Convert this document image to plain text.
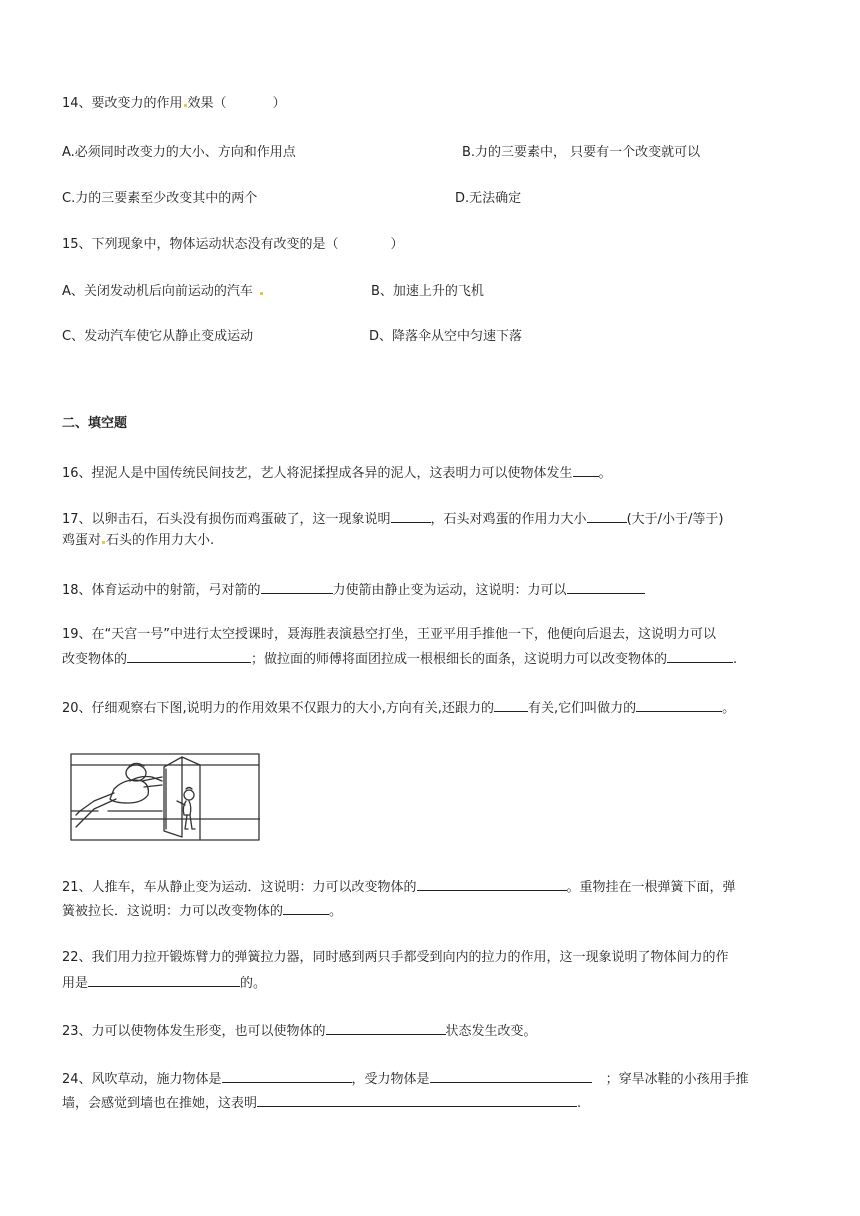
14、要改变力的作用 效果（	）
A.必须同时改变力的大小、方向和作用点	B.力的三要素中， 只要有一个改变就可以
C.力的三要素至少改变其中的两个	D.无法确定
15、下列现象中，物体运动状态没有改变的是（	）
A、关闭发动机后向前运动的汽车	B、加速上升的飞机
C、发动汽车使它从静止变成运动	D、降落伞从空中匀速下落
二、填空题
16、捏泥人是中国传统民间技艺，艺人将泥揉捏成各异的泥人，这表明力可以使物体发生 。
17、以卵击石，石头没有损伤而鸡蛋破了，这一现象说明	，石头对鸡蛋的作用力大小	(大于/小于/等于)
鸡蛋对 石头的作用力大小.
18、体育运动中的射箭，弓对箭的	力使箭由静止变为运动，这说明：力可以
19、在“天宫一号”中进行太空授课时，聂海胜表演悬空打坐，王亚平用手推他一下，他便向后退去，这说明力可以
改变物体的	；做拉面的师傅将面团拉成一根根细长的面条，这说明力可以改变物体的	.
20、仔细观察右下图,说明力的作用效果不仅跟力的大小,方向有关,还跟力的	有关,它们叫做力的	。
21、人推车，车从静止变为运动．这说明：力可以改变物体的	。重物挂在一根弹簧下面，弹
簧被拉长．这说明：力可以改变物体的	。
22、我们用力拉开锻炼臂力的弹簧拉力器，同时感到两只手都受到向内的拉力的作用，这一现象说明了物体间力的作
用是	的。
23、力可以使物体发生形变，也可以使物体的	状态发生改变。
24、风吹草动，施力物体是	，受力物体是	；穿旱冰鞋的小孩用手推
墙，会感觉到墙也在推她，这表明	.
